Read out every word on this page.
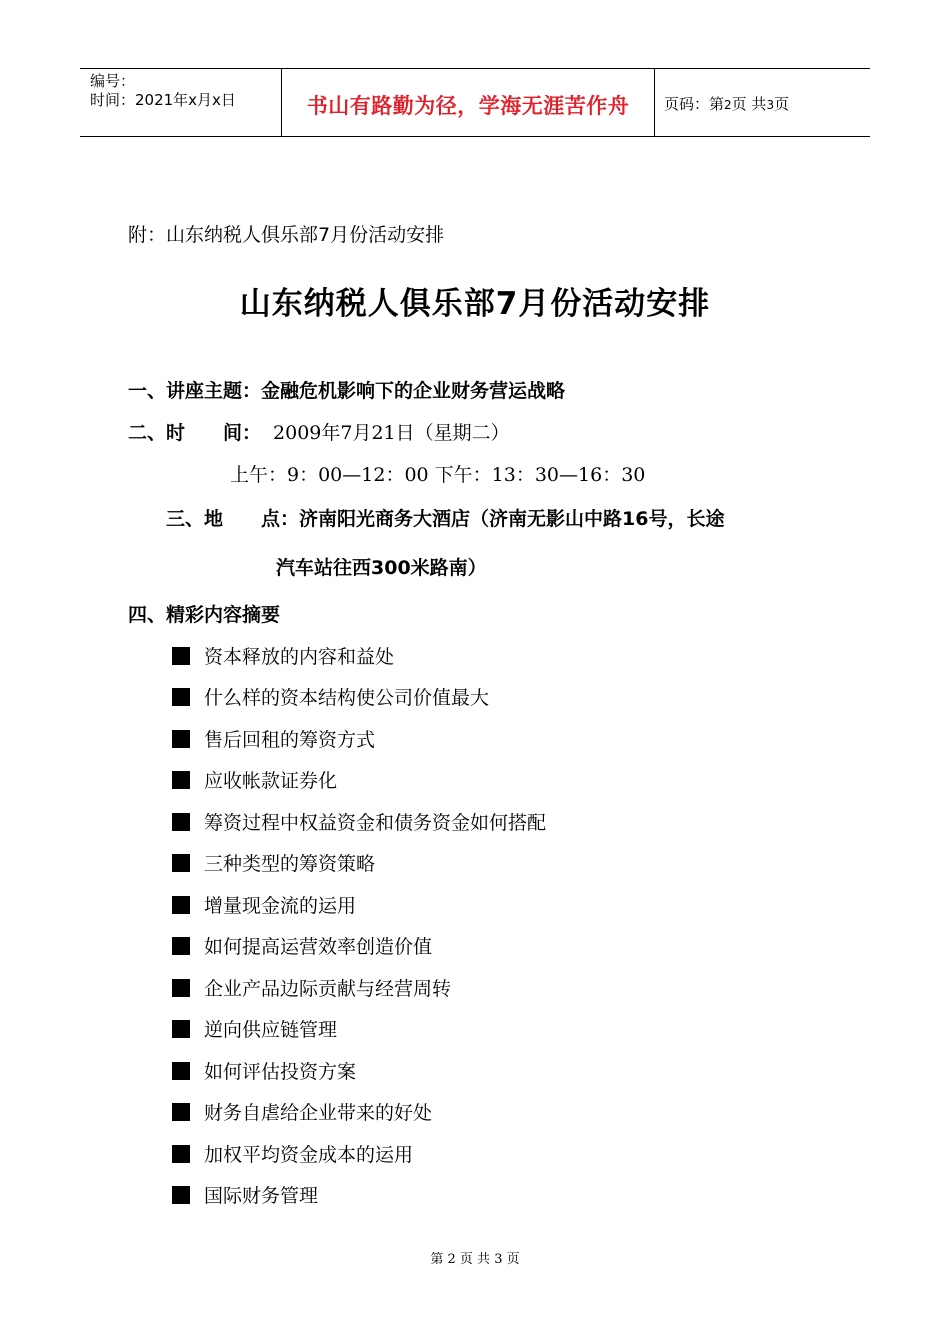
编号：
时间：2021年x月x日	书山有路勤为径，学海无涯苦作舟	页码：第2页 共3页
附：山东纳税人俱乐部7月份活动安排
山东纳税人俱乐部7月份活动安排
一、讲座主题：金融危机影响下的企业财务营运战略
二、时　　间： 2009年7月21日（星期二）
上午：9：00—12：00 下午：13：30—16：30
三、地　　点：济南阳光商务大酒店（济南无影山中路16号，长途
汽车站往西300米路南）
四、精彩内容摘要
资本释放的内容和益处
什么样的资本结构使公司价值最大
售后回租的筹资方式
应收帐款证券化
筹资过程中权益资金和债务资金如何搭配
三种类型的筹资策略
增量现金流的运用
如何提高运营效率创造价值
企业产品边际贡献与经营周转
逆向供应链管理
如何评估投资方案
财务自虐给企业带来的好处
加权平均资金成本的运用
国际财务管理
第 2 页 共 3 页
